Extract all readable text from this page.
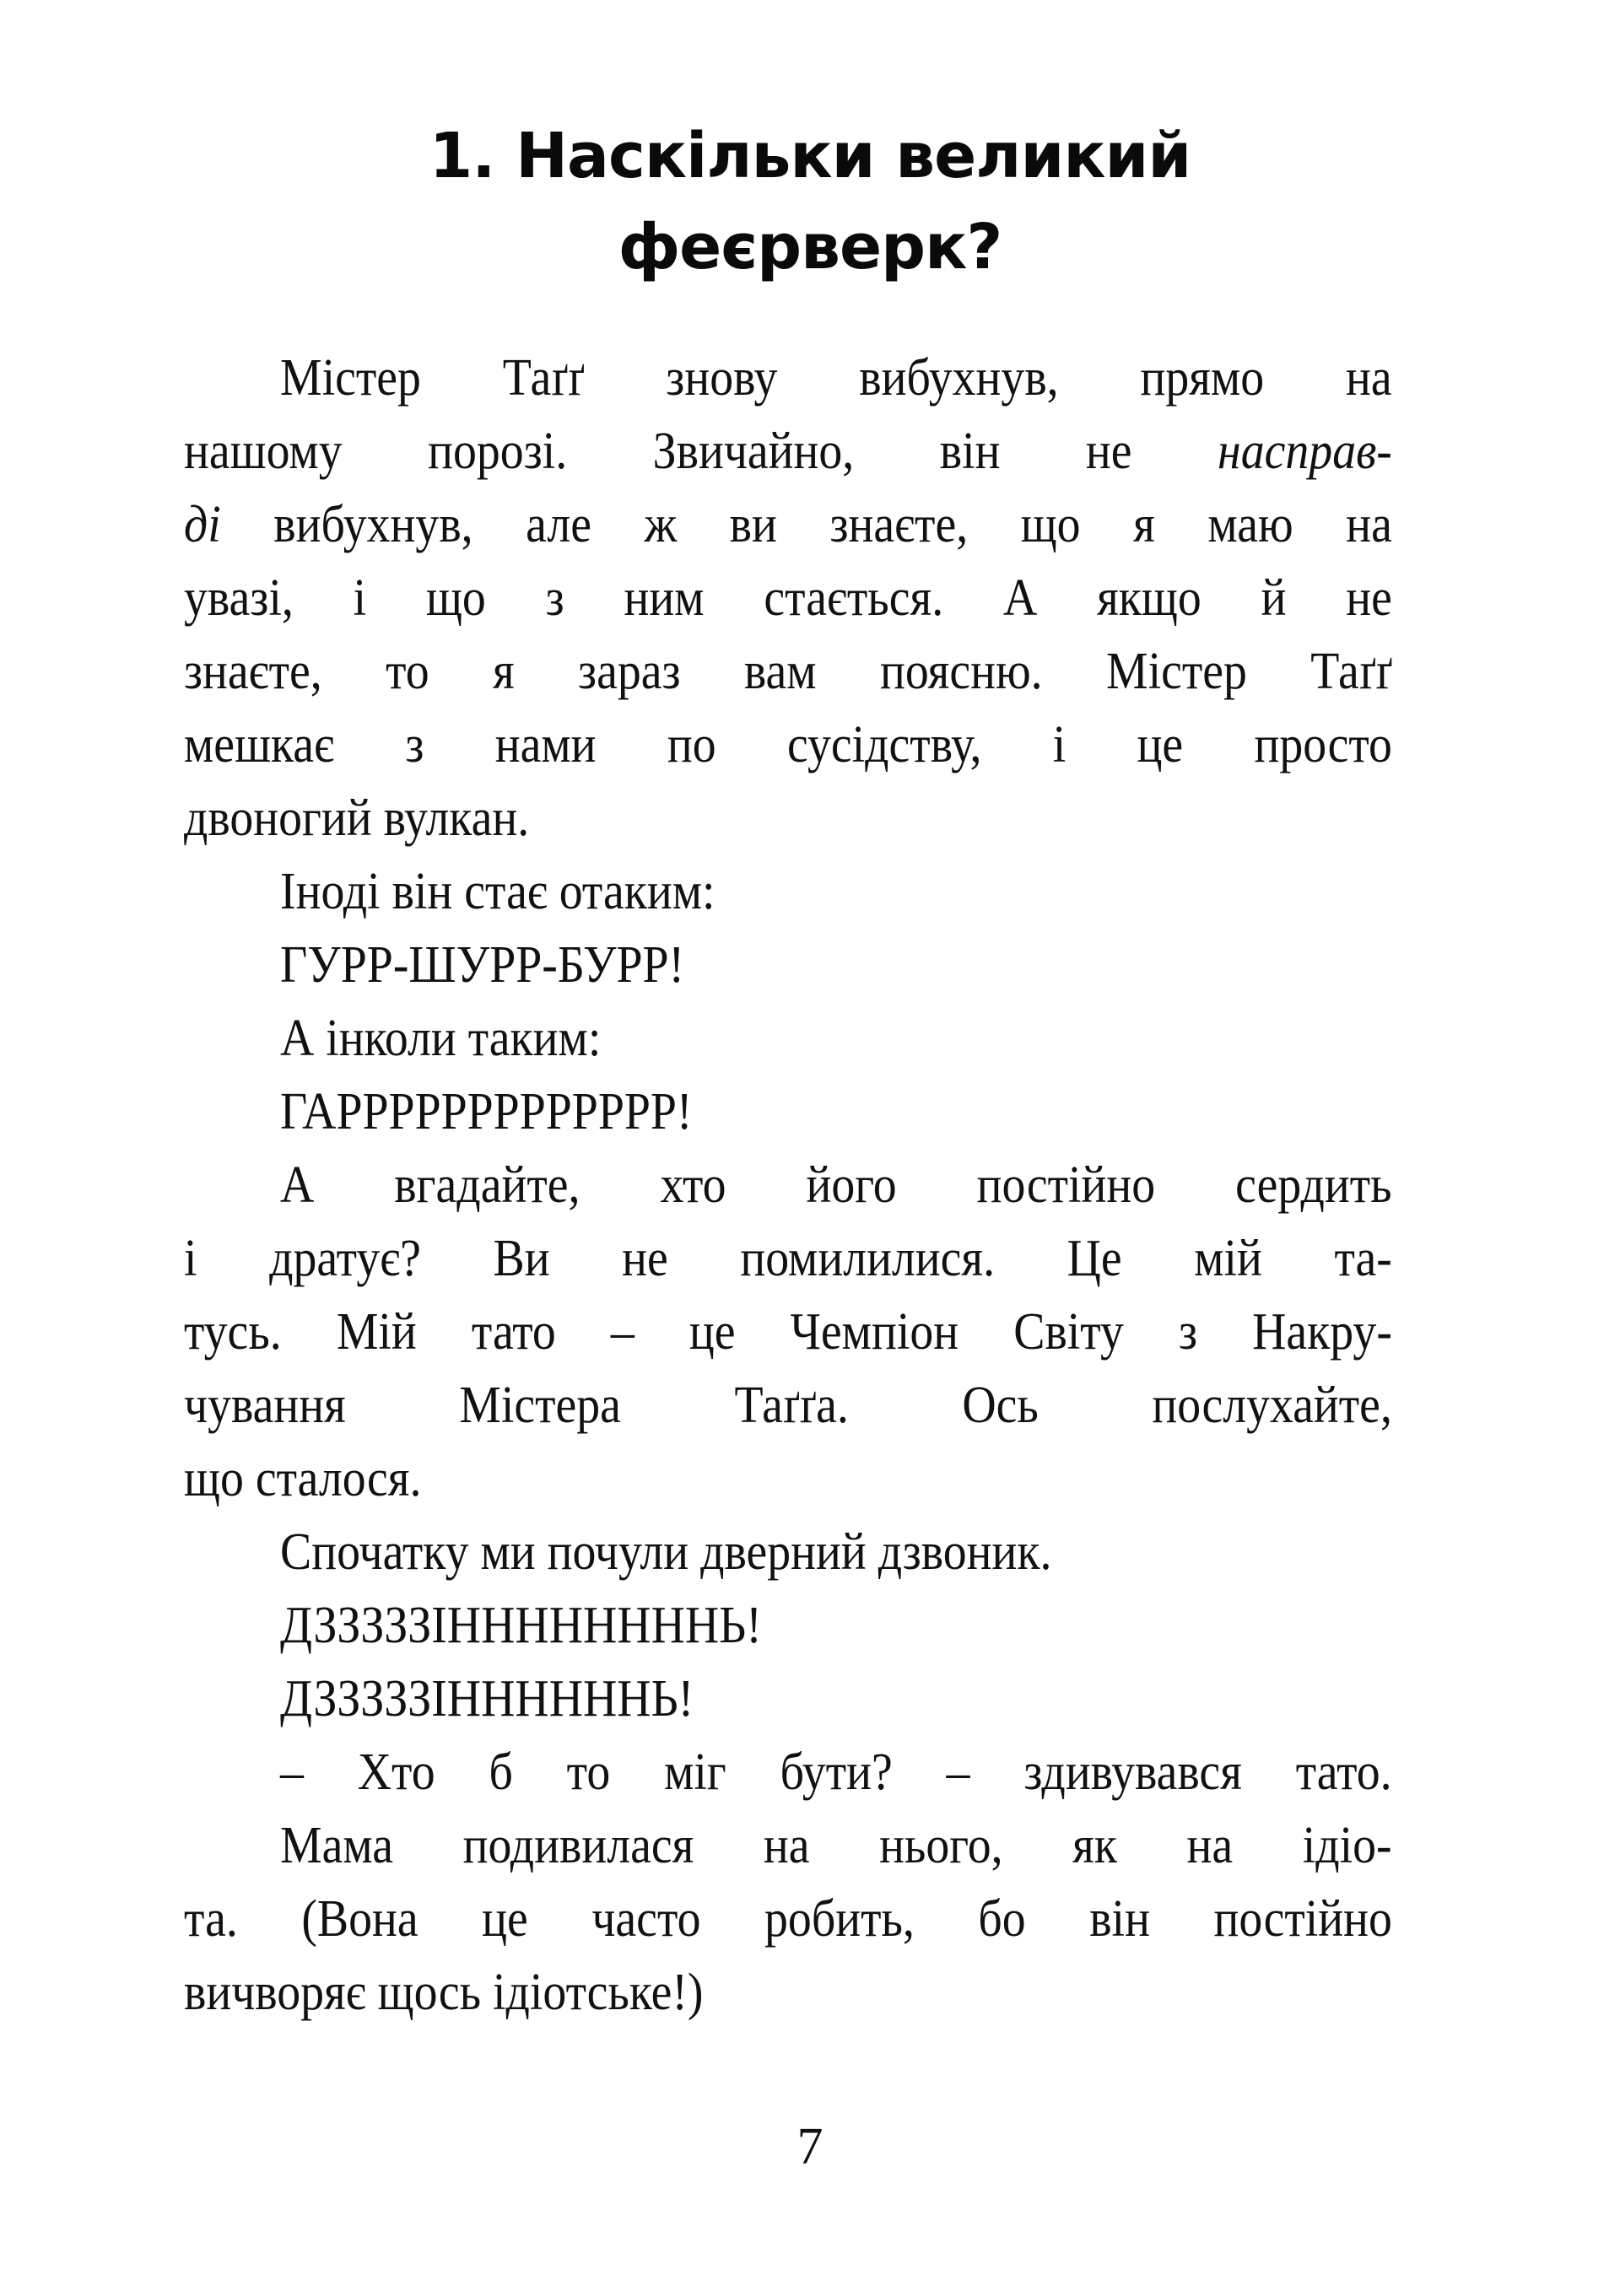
1. Наскільки великий
феєрверк?
Містер Таґґ знову вибухнув, прямо на
нашому порозі. Звичайно, він не насправ-
ді вибухнув, але ж ви знаєте, що я маю на
увазі, і що з ним стається. А якщо й не
знаєте, то я зараз вам поясню. Містер Таґґ
мешкає з нами по сусідству, і це просто
двоногий вулкан.
Іноді він стає отаким:
ГУРР-ШУРР-БУРР!
А інколи таким:
ГАРРРРРРРРРРРРР!
А вгадайте, хто його постійно сердить
і дратує? Ви не помилилися. Це мій та-
тусь. Мій тато – це Чемпіон Світу з Накру-
чування Містера Таґґа. Ось послухайте,
що сталося.
Спочатку ми почули дверний дзвоник.
ДЗЗЗЗЗІННННННННЬ!
ДЗЗЗЗЗІННННННЬ!
– Хто б то міг бути? – здивувався тато.
Мама подивилася на нього, як на ідіо-
та. (Вона це часто робить, бо він постійно
вичворяє щось ідіотське!)
7
